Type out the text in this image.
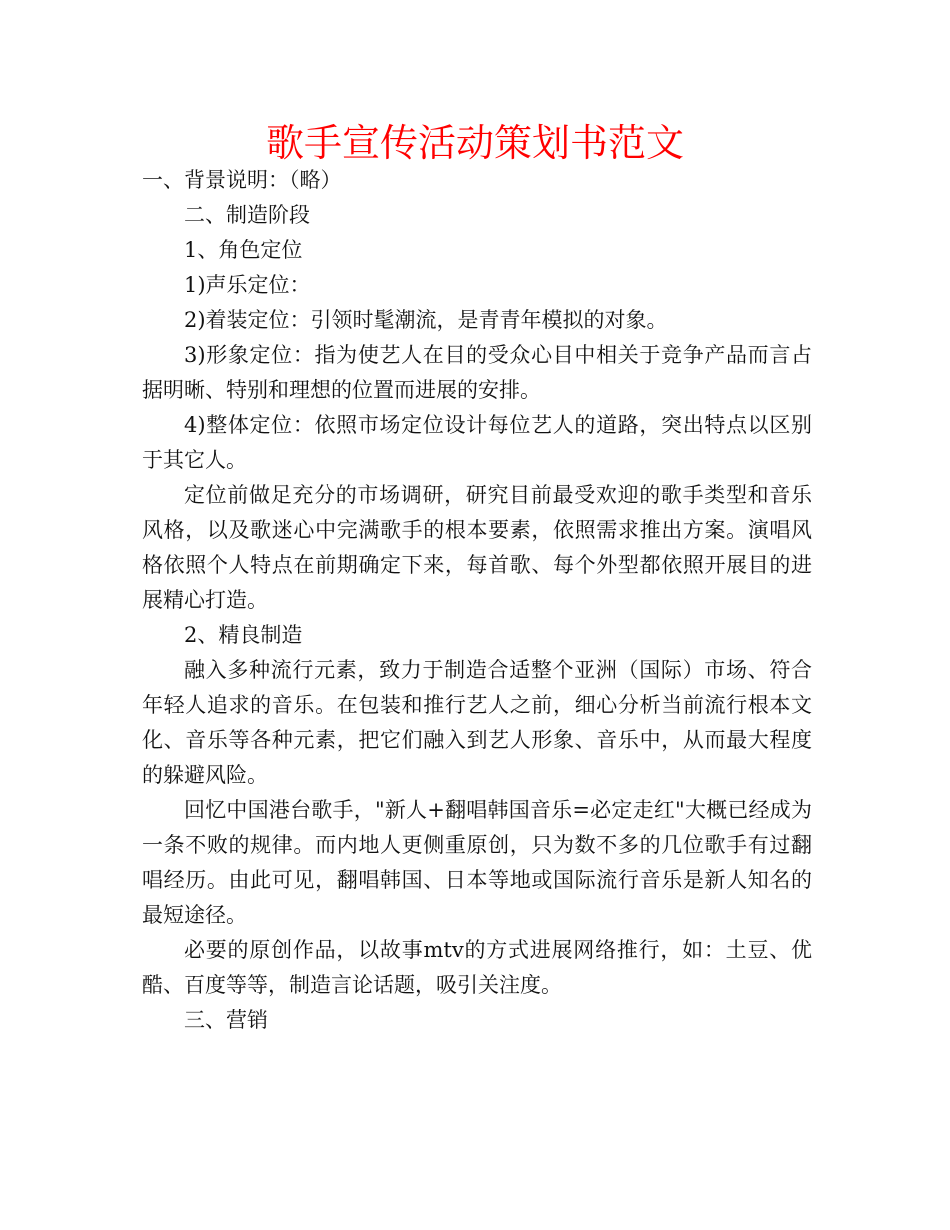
歌手宣传活动策划书范文

一、背景说明：（略）

二、制造阶段

1、角色定位

1)声乐定位：

2)着装定位：引领时髦潮流，是青青年模拟的对象。

3)形象定位：指为使艺人在目的受众心目中相关于竞争产品而言占据明晰、特别和理想的位置而进展的安排。

4)整体定位：依照市场定位设计每位艺人的道路，突出特点以区别于其它人。

定位前做足充分的市场调研，研究目前最受欢迎的歌手类型和音乐风格，以及歌迷心中完满歌手的根本要素，依照需求推出方案。演唱风格依照个人特点在前期确定下来，每首歌、每个外型都依照开展目的进展精心打造。

2、精良制造

融入多种流行元素，致力于制造合适整个亚洲（国际）市场、符合年轻人追求的音乐。在包装和推行艺人之前，细心分析当前流行根本文化、音乐等各种元素，把它们融入到艺人形象、音乐中，从而最大程度的躲避风险。

回忆中国港台歌手，"新人+翻唱韩国音乐=必定走红"大概已经成为一条不败的规律。而内地人更侧重原创，只为数不多的几位歌手有过翻唱经历。由此可见，翻唱韩国、日本等地或国际流行音乐是新人知名的最短途径。

必要的原创作品，以故事mtv的方式进展网络推行，如：土豆、优酷、百度等等，制造言论话题，吸引关注度。

三、营销
